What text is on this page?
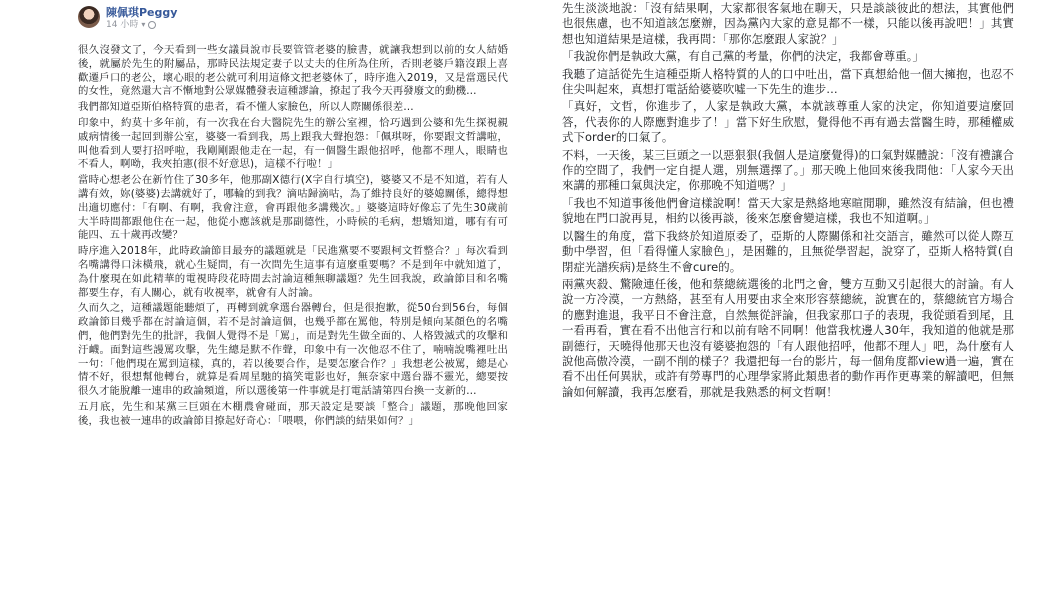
陳佩琪Peggy
14 小時 ▾

很久沒發文了，今天看到一些女議員說市長要管管老婆的臉書，就讓我想到以前的女人結婚後，就屬於先生的附屬品，那時民法規定妻子以丈夫的住所為住所，否則老婆戶籍沒跟上喜歡遷戶口的老公，壞心眼的老公就可利用這條文把老婆休了，時序進入2019，又是當選民代的女性，竟然還大言不慚地對公眾媒體發表這種謬論，撩起了我今天再發廢文的動機…

我們都知道亞斯伯格特質的患者，看不懂人家臉色，所以人際關係很差…

印象中，約莫十多年前，有一次我在台大醫院先生的辦公室裡，恰巧遇到公婆和先生探視親戚病情後一起回到辦公室，婆婆一看到我，馬上跟我大聲抱怨：「佩琪呀，你要跟文哲講啦，叫他看到人要打招呼啦，我剛剛跟他走在一起，有一個醫生跟他招呼，他都不理人，眼睛也不看人，啊呦，我夾拍憲(很不好意思)，這樣不行啦！」

當時心想老公在新竹住了30多年，他那副X德行(X字自行填空)，婆婆又不是不知道，若有人講有效，妳(婆婆)去講就好了，哪輪的到我？滴咕歸滴咕，為了維持良好的婆媳關係，總得想出適切應付：「有啊、有啊，我會注意，會再跟他多講幾次。」婆婆這時好像忘了先生30歲前大半時間都跟他住在一起，他從小應該就是那副德性，小時候的毛病，想矯知道，哪有有可能四、五十歲再改變？

時序進入2018年，此時政論節目最夯的議題就是「民進黨要不要跟柯文哲整合？」每次看到名嘴講得口沫橫飛，就心生疑問，有一次問先生這事有這麼重要嗎？不是到年中就知道了，為什麼現在如此精華的電視時段花時間去討論這種無聊議題？先生回我說，政論節目和名嘴都要生存，有人關心，就有收視率，就會有人討論。

久而久之，這種議題能聽煩了，再轉到就拿選台器轉台，但是很抱歉，從50台到56台，每個政論節目幾乎都在討論這個，若不是討論這個，也幾乎都在罵他，特別是傾向某顏色的名嘴們，他們對先生的批評，我個人覺得不是「罵」，而是對先生做全面的、人格毀滅式的攻擊和汙衊。面對這些謾罵攻擊，先生總是默不作聲，印象中有一次他忍不住了，喃喃說嘴裡吐出一句：「他們現在罵到這樣，真的，若以後要合作，是要怎麼合作？」我想老公被罵，總是心情不好，很想幫他轉台，就算是看周星馳的搞笑電影也好，無奈家中選台器不靈光，總要按很久才能脫離一連串的政論頻道，所以選後第一件事就是打電話請第四台換一支新的…

五月底，先生和某黨三巨頭在木棚農會碰面，那天設定是要談「整合」議題，那晚他回家後，我也被一連串的政論節目撩起好奇心：「喂喂，你們談的結果如何？」

先生淡淡地說：「沒有結果啊，大家都很客氣地在聊天，只是談談彼此的想法，其實他們也很焦慮，也不知道該怎麼辦，因為黨內大家的意見都不一樣，只能以後再說吧！」其實想也知道結果是這樣，我再問：「那你怎麼跟人家說？」

「我說你們是執政大黨，有自己黨的考量，你們的決定，我都會尊重。」

我聽了這話從先生這種亞斯人格特質的人的口中吐出，當下真想給他一個大擁抱，也忍不住尖叫起來，真想打電話給婆婆吹噓一下先生的進步…

「真好，文哲，你進步了，人家是執政大黨，本就該尊重人家的決定，你知道要這麼回答，代表你的人際應對進步了！」當下好生欣慰，覺得他不再有過去當醫生時，那種權威式下order的口氣了。

不料，一天後，某三巨頭之一以惡狠狠(我個人是這麼覺得)的口氣對媒體說：「沒有禮讓合作的空間了，我們一定自提人選，別無選擇了。」那天晚上他回來後我問他：「人家今天出來講的那種口氣與決定，你那晚不知道嗎？」

「我也不知道事後他們會這樣說啊！當天大家是熱絡地寒暄閒聊，雖然沒有結論，但也禮貌地在門口說再見，相約以後再談，後來怎麼會變這樣，我也不知道啊。」

以醫生的角度，當下我終於知道原委了，亞斯的人際關係和社交語言，雖然可以從人際互動中學習，但「看得懂人家臉色」，是困難的，且無從學習起，說穿了，亞斯人格特質(自閉症光譜疾病)是終生不會cure的。

兩黨夾殺、驚險連任後，他和蔡總統選後的北門之會，雙方互動又引起很大的討論。有人說一方冷漠，一方熱絡，甚至有人用要由求全來形容蔡總統，說實在的，蔡總統官方場合的應對進退，我平日不會注意，自然無從評論，但我家那口子的表現，我從頭看到尾，且一看再看，實在看不出他言行和以前有啥不同啊！他當我枕邊人30年，我知道的他就是那副德行，天曉得他那天也沒有婆婆抱怨的「有人跟他招呼，他都不理人」吧，為什麼有人說他高傲冷漠，一副不削的樣子？我還把每一台的影片，每一個角度都view過一遍，實在看不出任何異狀，或許有勞專門的心理學家將此類患者的動作再作更專業的解讀吧，但無論如何解讀，我再怎麼看，那就是我熟悉的柯文哲啊！
